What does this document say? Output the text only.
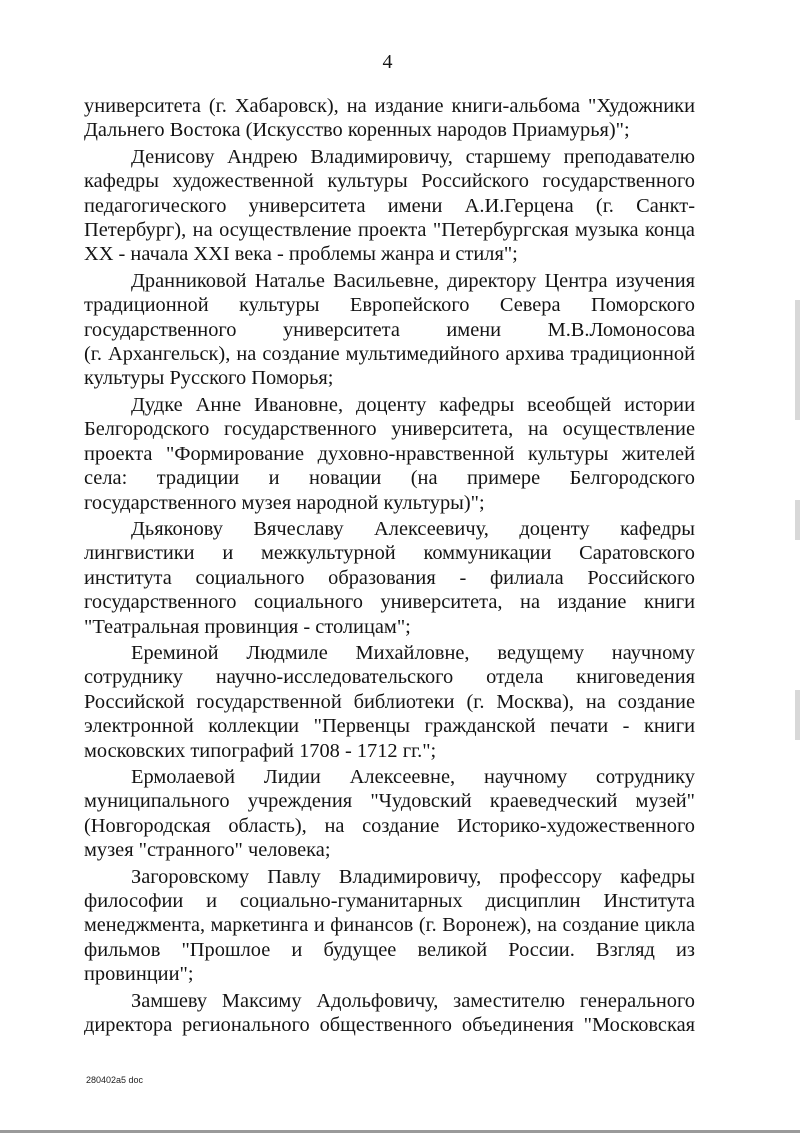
4
университета (г. Хабаровск), на издание книги-альбома "Художники
Дальнего Востока (Искусство коренных народов Приамурья)";
Денисову Андрею Владимировичу, старшему преподавателю
кафедры художественной культуры Российского государственного
педагогического университета имени А.И.Герцена (г. Санкт-
Петербург), на осуществление проекта "Петербургская музыка конца
XX - начала XXI века - проблемы жанра и стиля";
Дранниковой Наталье Васильевне, директору Центра изучения
традиционной культуры Европейского Севера Поморского
государственного университета имени М.В.Ломоносова
(г. Архангельск), на создание мультимедийного архива традиционной
культуры Русского Поморья;
Дудке Анне Ивановне, доценту кафедры всеобщей истории
Белгородского государственного университета, на осуществление
проекта "Формирование духовно-нравственной культуры жителей
села: традиции и новации (на примере Белгородского
государственного музея народной культуры)";
Дьяконову Вячеславу Алексеевичу, доценту кафедры
лингвистики и межкультурной коммуникации Саратовского
института социального образования - филиала Российского
государственного социального университета, на издание книги
"Театральная провинция - столицам";
Ереминой Людмиле Михайловне, ведущему научному
сотруднику научно-исследовательского отдела книговедения
Российской государственной библиотеки (г. Москва), на создание
электронной коллекции "Первенцы гражданской печати - книги
московских типографий 1708 - 1712 гг.";
Ермолаевой Лидии Алексеевне, научному сотруднику
муниципального учреждения "Чудовский краеведческий музей"
(Новгородская область), на создание Историко-художественного
музея "странного" человека;
Загоровскому Павлу Владимировичу, профессору кафедры
философии и социально-гуманитарных дисциплин Института
менеджмента, маркетинга и финансов (г. Воронеж), на создание цикла
фильмов "Прошлое и будущее великой России. Взгляд из
провинции";
Замшеву Максиму Адольфовичу, заместителю генерального
директора регионального общественного объединения "Московская
280402a5 doc
